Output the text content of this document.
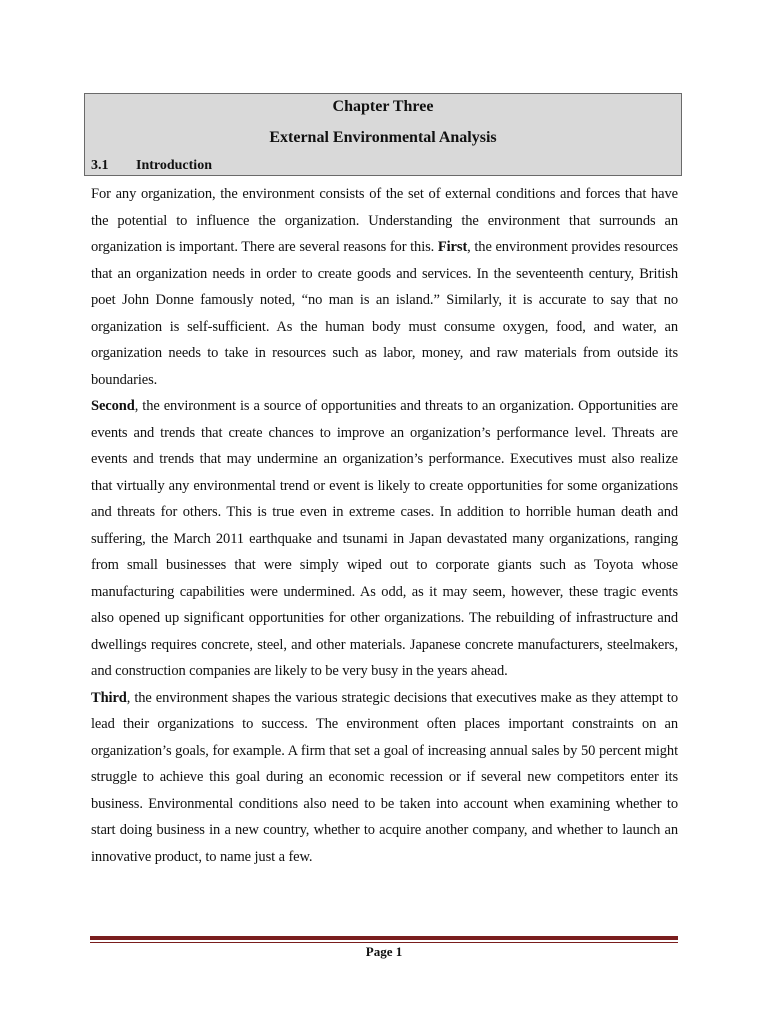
Chapter Three
External Environmental Analysis
3.1 Introduction

For any organization, the environment consists of the set of external conditions and forces that have the potential to influence the organization. Understanding the environment that surrounds an organization is important. There are several reasons for this. First, the environment provides resources that an organization needs in order to create goods and services. In the seventeenth century, British poet John Donne famously noted, “no man is an island.” Similarly, it is accurate to say that no organization is self-sufficient. As the human body must consume oxygen, food, and water, an organization needs to take in resources such as labor, money, and raw materials from outside its boundaries.

Second, the environment is a source of opportunities and threats to an organization. Opportunities are events and trends that create chances to improve an organization’s performance level. Threats are events and trends that may undermine an organization’s performance. Executives must also realize that virtually any environmental trend or event is likely to create opportunities for some organizations and threats for others. This is true even in extreme cases. In addition to horrible human death and suffering, the March 2011 earthquake and tsunami in Japan devastated many organizations, ranging from small businesses that were simply wiped out to corporate giants such as Toyota whose manufacturing capabilities were undermined. As odd, as it may seem, however, these tragic events also opened up significant opportunities for other organizations. The rebuilding of infrastructure and dwellings requires concrete, steel, and other materials. Japanese concrete manufacturers, steelmakers, and construction companies are likely to be very busy in the years ahead.

Third, the environment shapes the various strategic decisions that executives make as they attempt to lead their organizations to success. The environment often places important constraints on an organization’s goals, for example. A firm that set a goal of increasing annual sales by 50 percent might struggle to achieve this goal during an economic recession or if several new competitors enter its business. Environmental conditions also need to be taken into account when examining whether to start doing business in a new country, whether to acquire another company, and whether to launch an innovative product, to name just a few.

Page 1
